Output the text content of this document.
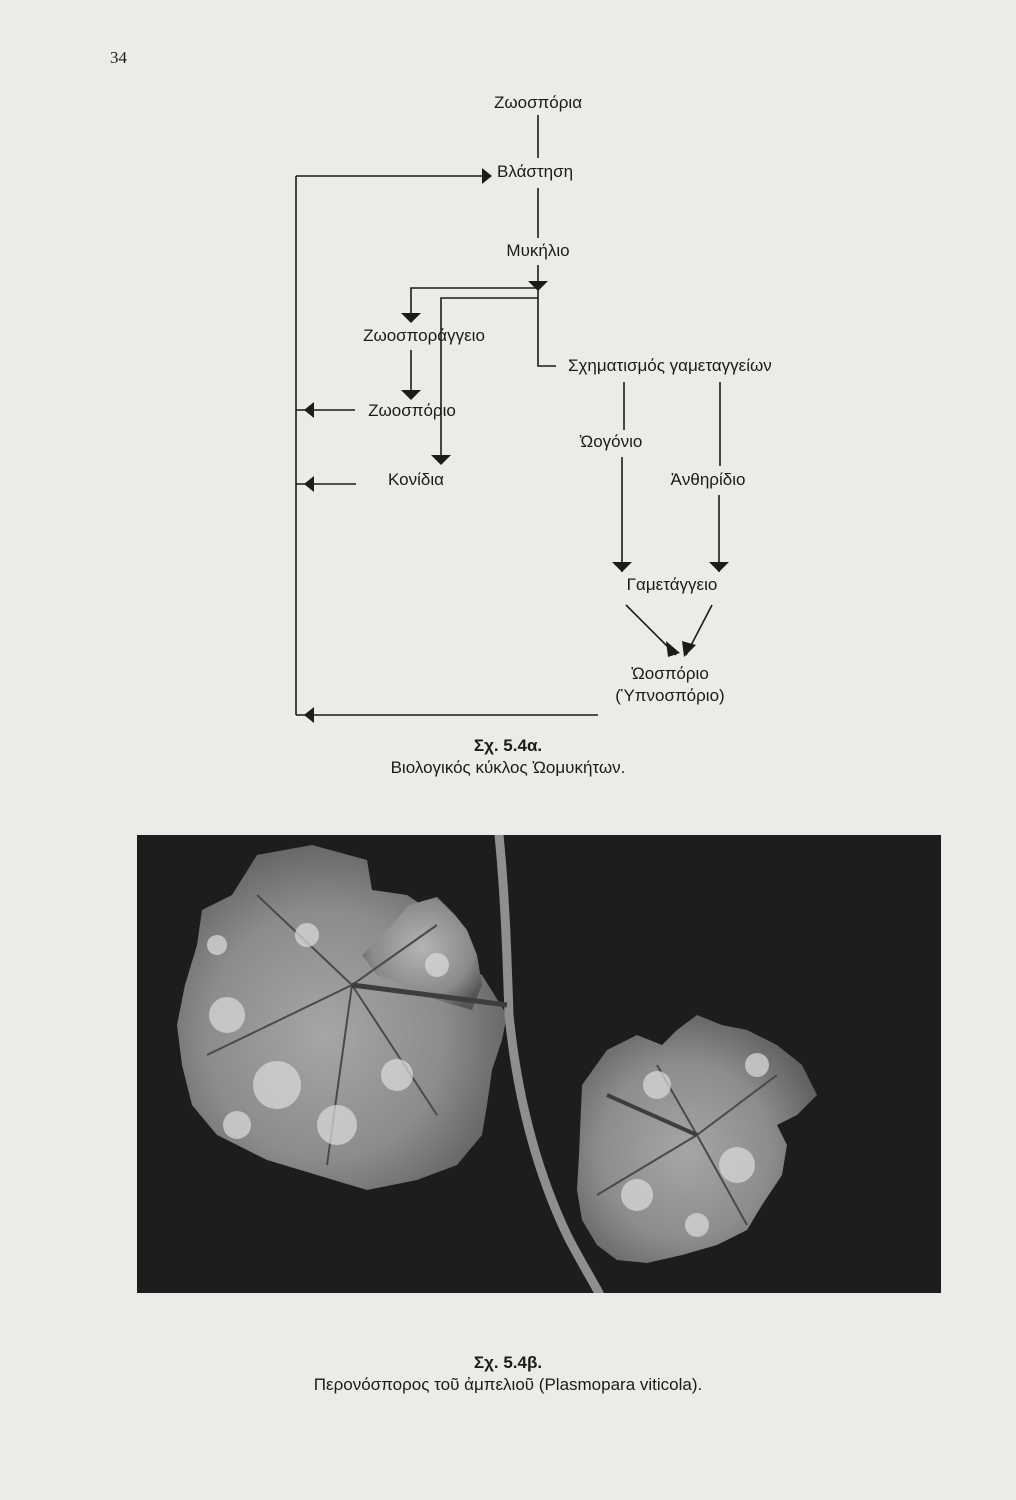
34
Ζωοσπόρια
Βλάστηση
Μυκήλιο
Ζωοσποράγγειο
Σχηματισμός γαμεταγγείων
Ζωοσπόριο
Ὠογόνιο
Κονίδια	Ἀνθηρίδιο
Γαμετάγγειο
Ὠοσπόριο
(Ὑπνοσπόριο)
Σχ. 5.4α.
Βιολογικός κύκλος Ὠομυκήτων.
Σχ. 5.4β.
Περονόσπορος τοῦ ἀμπελιοῦ (Plasmopara viticola).
